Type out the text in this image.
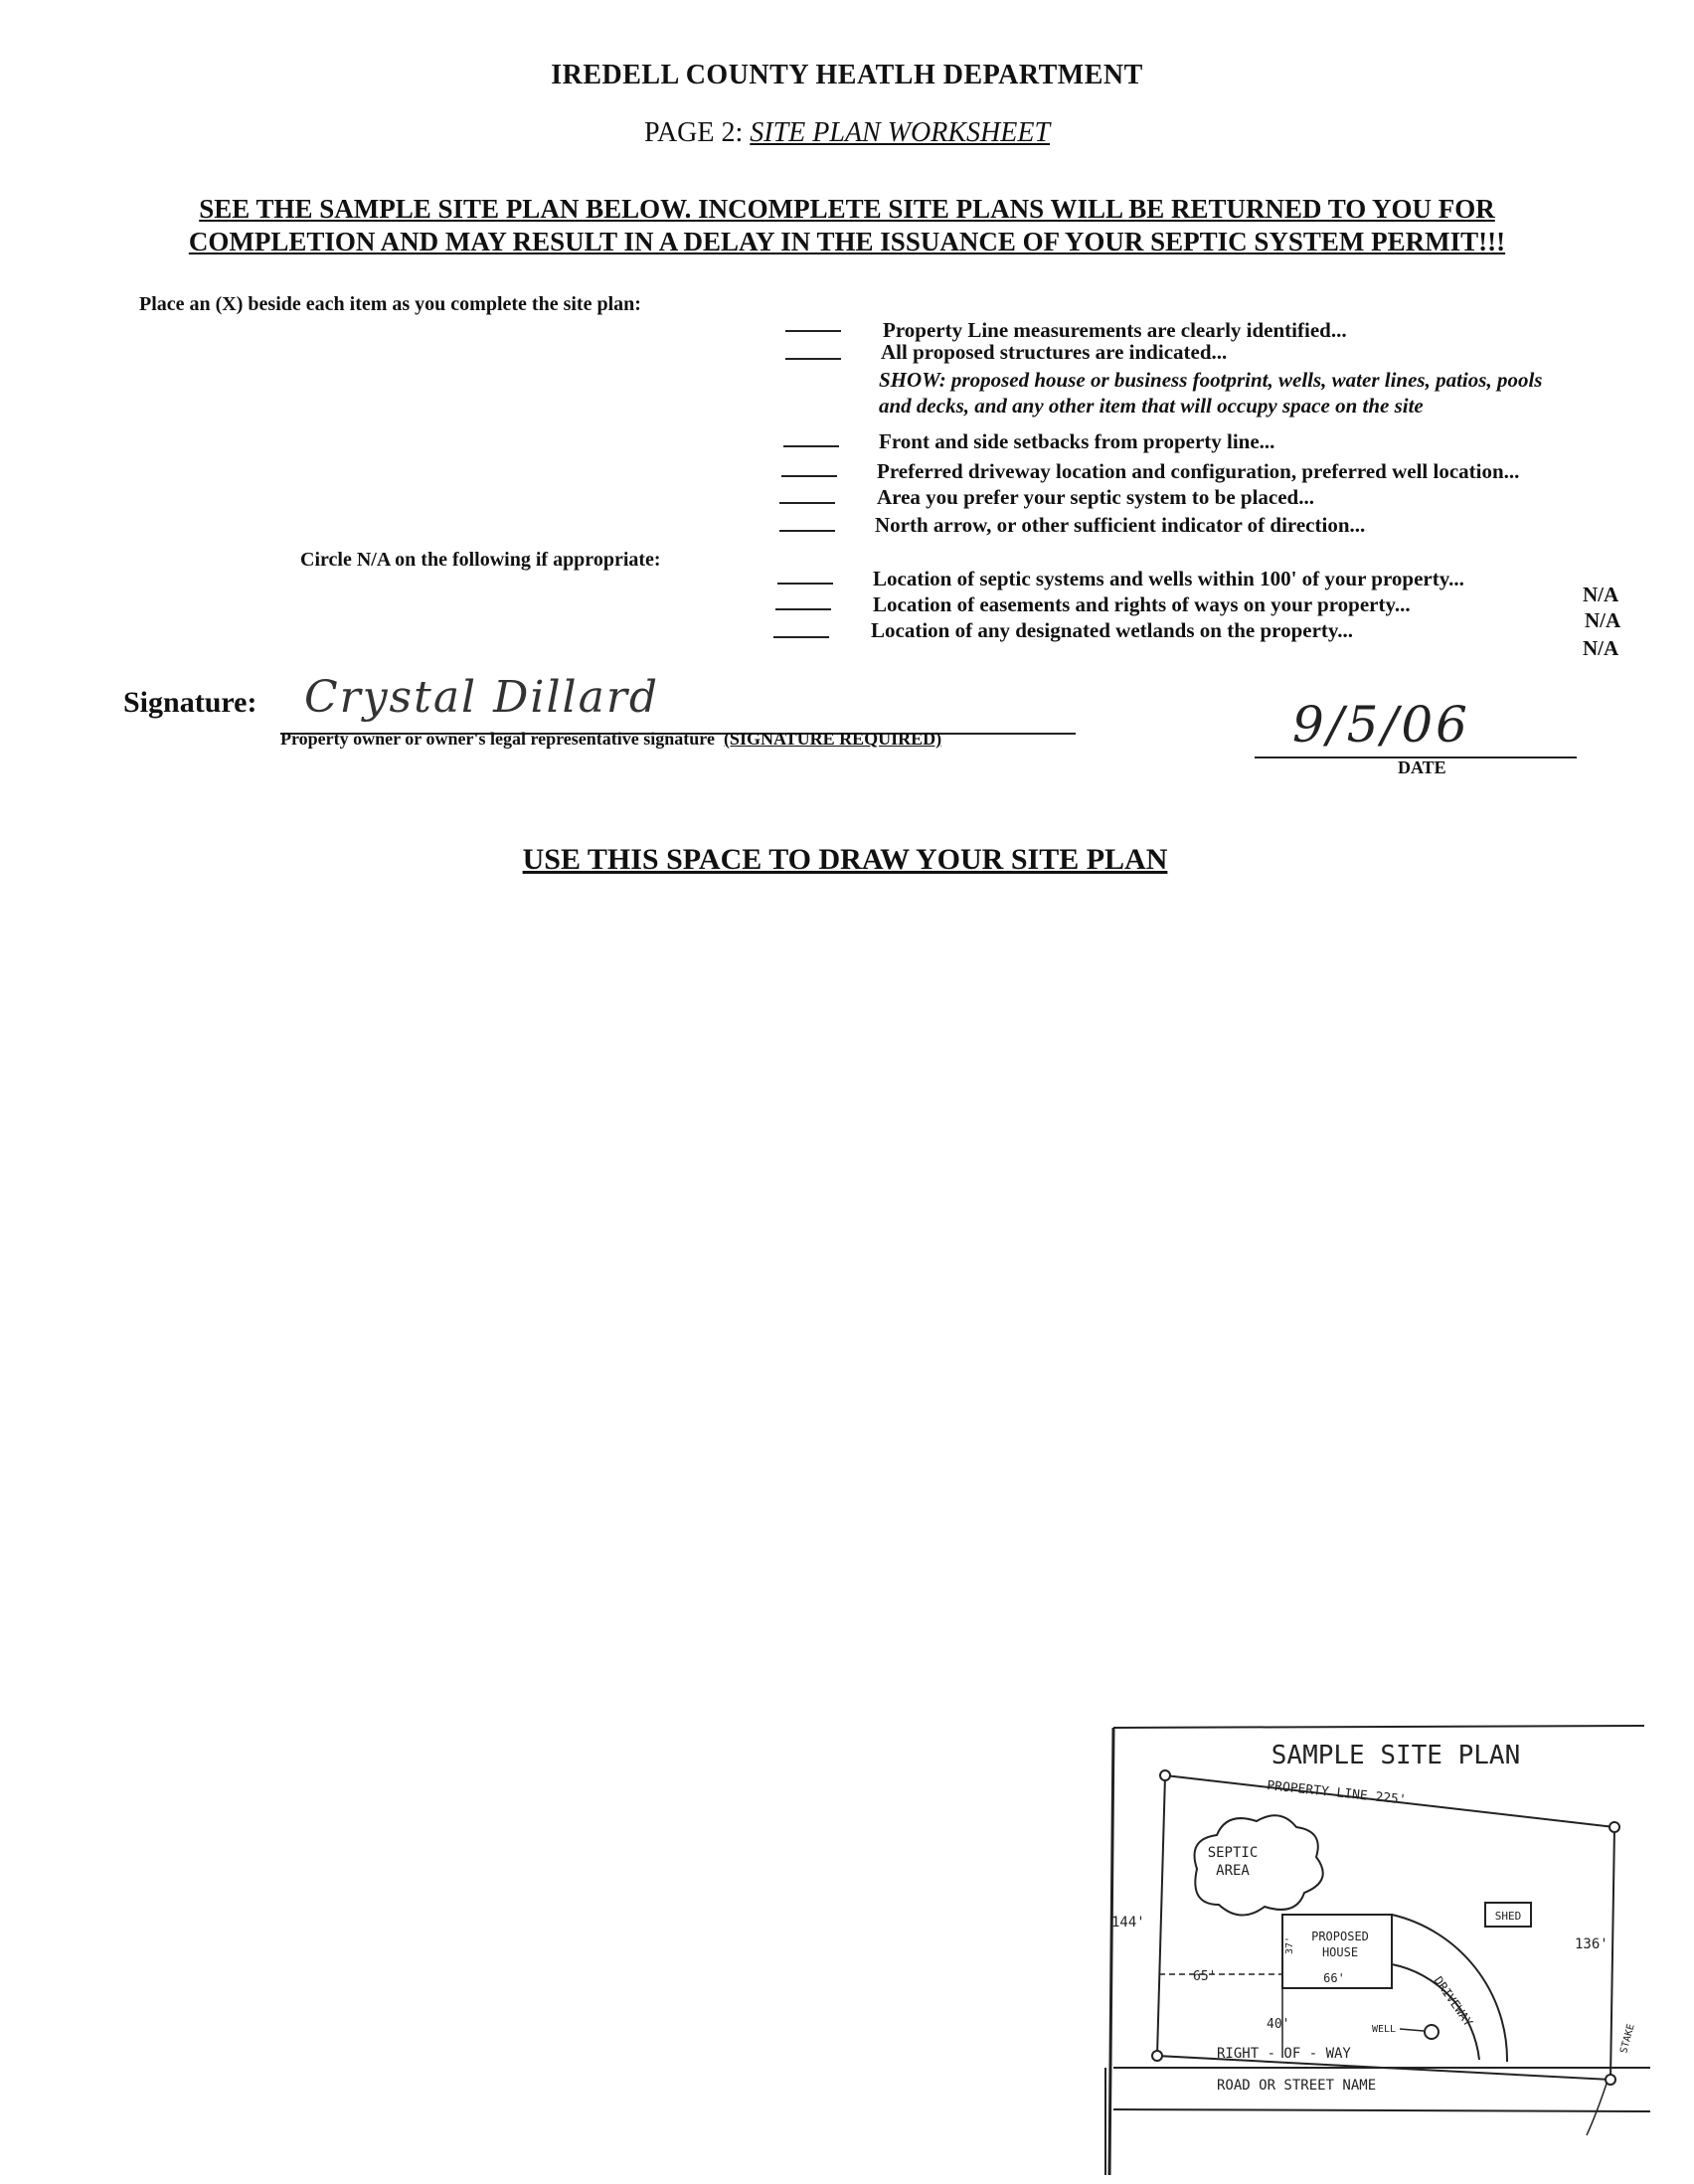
IREDELL COUNTY HEATLH DEPARTMENT
PAGE 2: SITE PLAN WORKSHEET
SEE THE SAMPLE SITE PLAN BELOW. INCOMPLETE SITE PLANS WILL BE RETURNED TO YOU FOR
COMPLETION AND MAY RESULT IN A DELAY IN THE ISSUANCE OF YOUR SEPTIC SYSTEM PERMIT!!!
Place an (X) beside each item as you complete the site plan:
Property Line measurements are clearly identified...
All proposed structures are indicated...
SHOW: proposed house or business footprint, wells, water lines, patios, pools
and decks, and any other item that will occupy space on the site
Front and side setbacks from property line...
Preferred driveway location and configuration, preferred well location...
Area you prefer your septic system to be placed...
North arrow, or other sufficient indicator of direction...
Circle N/A on the following if appropriate:
Location of septic systems and wells within 100' of your property...
N/A
Location of easements and rights of ways on your property...
N/A
Location of any designated wetlands on the property...
N/A
Signature: Crystal Dillard
Property owner or owner's legal representative signature (SIGNATURE REQUIRED)	9/5/06
DATE
USE THIS SPACE TO DRAW YOUR SITE PLAN
SAMPLE SITE PLAN
PROPERTY LINE 225'
SEPTIC
AREA
SHED
PROPOSED
HOUSE
66'
37'
DRIVEWAY
WELL
144'
136'
65'
40'
RIGHT - OF - WAY
ROAD OR STREET NAME
STAKE
